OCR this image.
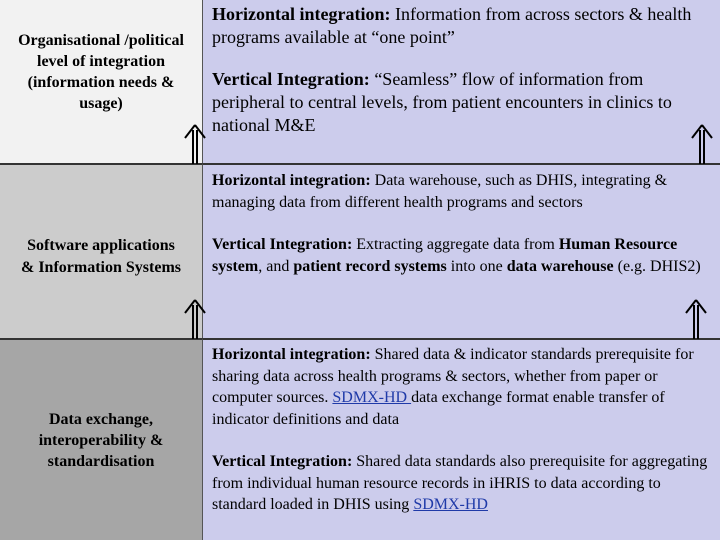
Organisational /political
level of integration
(information needs &
usage)
Software applications
& Information Systems
Data exchange,
interoperability &
standardisation

Horizontal integration: Information from across sectors & health programs available at “one point”

Vertical Integration: “Seamless” flow of information from peripheral to central levels, from patient encounters in clinics to national M&E

Horizontal integration: Data warehouse, such as DHIS, integrating & managing data from different health programs and sectors

Vertical Integration: Extracting aggregate data from Human Resource system, and patient record systems into one data warehouse (e.g. DHIS2)

Horizontal integration: Shared data & indicator standards prerequisite for sharing data across health programs & sectors, whether from paper or computer sources. SDMX-HD data exchange format enable transfer of indicator definitions and data

Vertical Integration: Shared data standards also prerequisite for aggregating from individual human resource records in iHRIS to data according to standard loaded in DHIS using SDMX-HD
